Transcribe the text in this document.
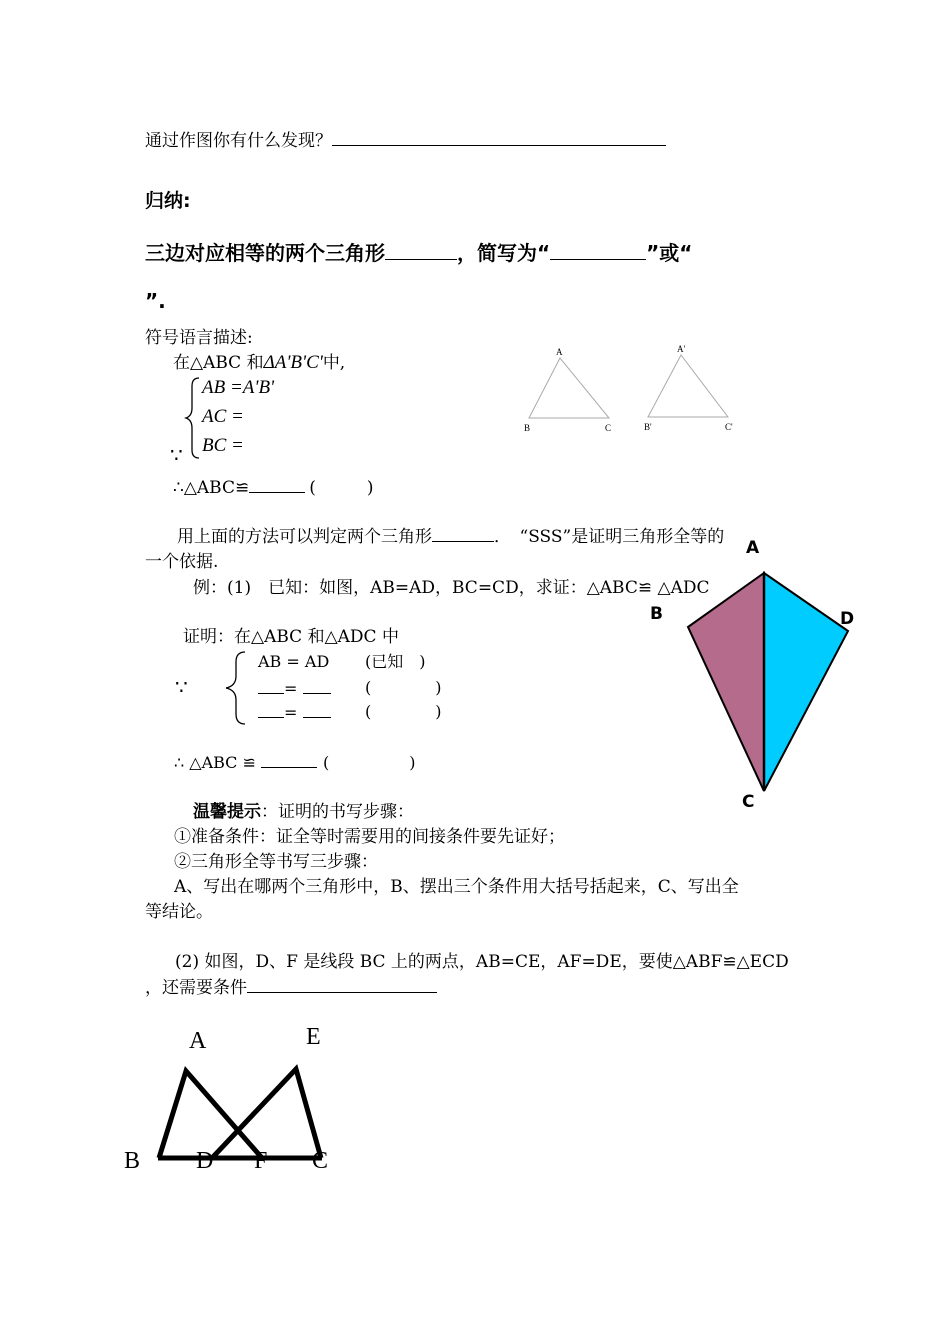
通过作图你有什么发现？
归纳:
三边对应相等的两个三角形	，简写为“	”或“
”.
符号语言描述:
在△ABC 和ΔA'B'C'中,
AB =A'B'
AC =
BC =
∵
∴△ABC≌	(　　　)
用上面的方法可以判定两个三角形	．　“SSS”是证明三角形全等的
一个依据.
例：(1)　已知：如图，AB=AD，BC=CD，求证：△ABC≌ △ADC
证明：在△ABC 和△ADC 中
∵
AB = AD (已知　)
=	(　　　　)
=	(　　　　)
∴ △ABC ≌	(　　　　　)
温馨提示：证明的书写步骤：
①准备条件：证全等时需要用的间接条件要先证好；
②三角形全等书写三步骤：
A、写出在哪两个三角形中，B、摆出三个条件用大括号括起来，C、写出全
等结论。
(2) 如图，D、F 是线段 BC 上的两点，AB=CE，AF=DE，要使△ABF≌△ECD
，还需要条件
A
B	C
A'
B'	C'
A
B	D
C
A	E
B D F C
